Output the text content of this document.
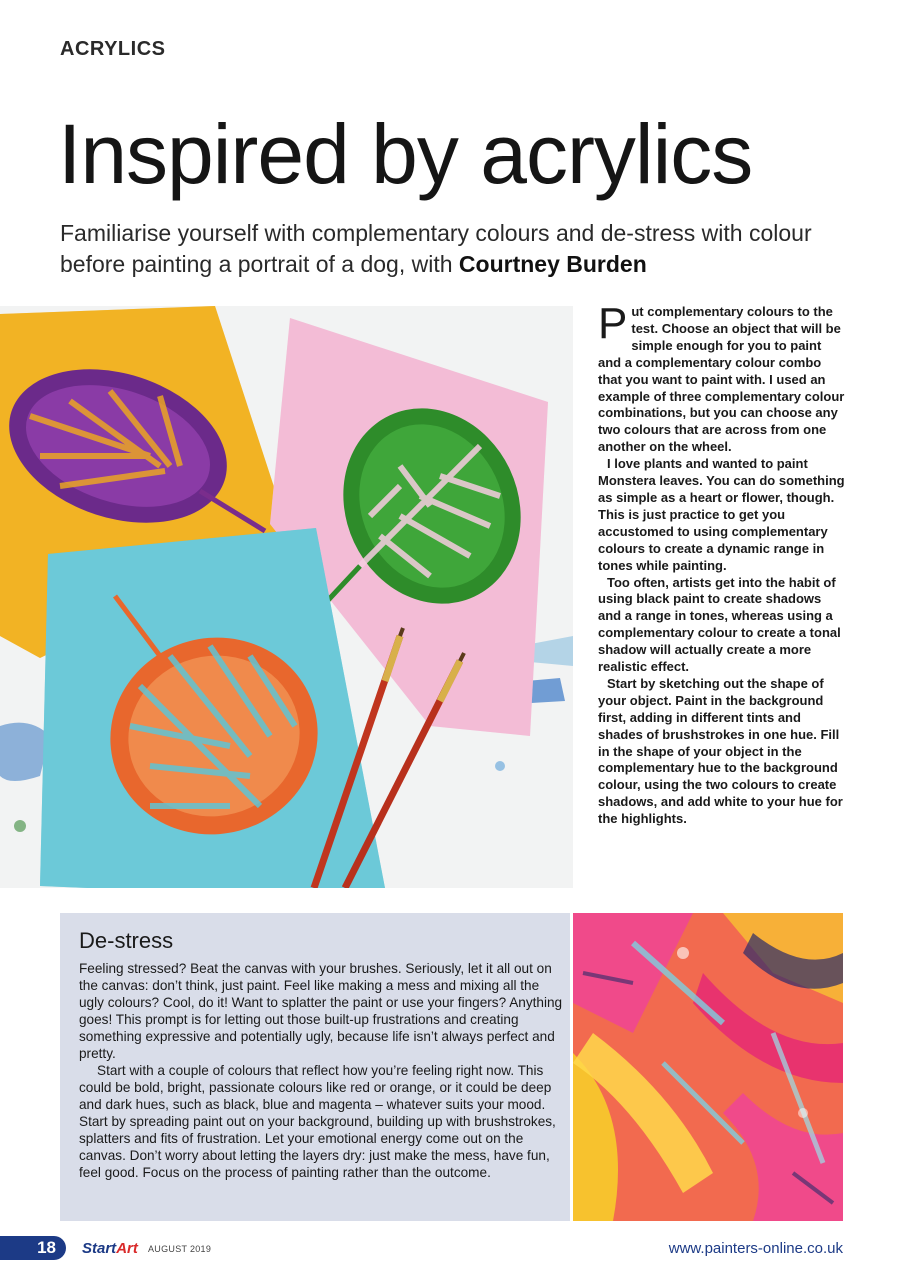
ACRYLICS
Inspired by acrylics
Familiarise yourself with complementary colours and de-stress with colour before painting a portrait of a dog, with Courtney Burden

Put complementary colours to the test. Choose an object that will be simple enough for you to paint and a complementary colour combo that you want to paint with. I used an example of three complementary colour combinations, but you can choose any two colours that are across from one another on the wheel.

I love plants and wanted to paint Monstera leaves. You can do something as simple as a heart or flower, though. This is just practice to get you accustomed to using complementary colours to create a dynamic range in tones while painting.

Too often, artists get into the habit of using black paint to create shadows and a range in tones, whereas using a complementary colour to create a tonal shadow will actually create a more realistic effect.

Start by sketching out the shape of your object. Paint in the background first, adding in different tints and shades of brushstrokes in one hue. Fill in the shape of your object in the complementary hue to the background colour, using the two colours to create shadows, and add white to your hue for the highlights.

De-stress

Feeling stressed? Beat the canvas with your brushes. Seriously, let it all out on the canvas: don’t think, just paint. Feel like making a mess and mixing all the ugly colours? Cool, do it! Want to splatter the paint or use your fingers? Anything goes! This prompt is for letting out those built-up frustrations and creating something expressive and potentially ugly, because life isn’t always perfect and pretty.

Start with a couple of colours that reflect how you’re feeling right now. This could be bold, bright, passionate colours like red or orange, or it could be deep and dark hues, such as black, blue and magenta – whatever suits your mood. Start by spreading paint out on your background, building up with brushstrokes, splatters and fits of frustration. Let your emotional energy come out on the canvas. Don’t worry about letting the layers dry: just make the mess, have fun, feel good. Focus on the process of painting rather than the outcome.

18	StartArt AUGUST 2019	www.painters-online.co.uk
